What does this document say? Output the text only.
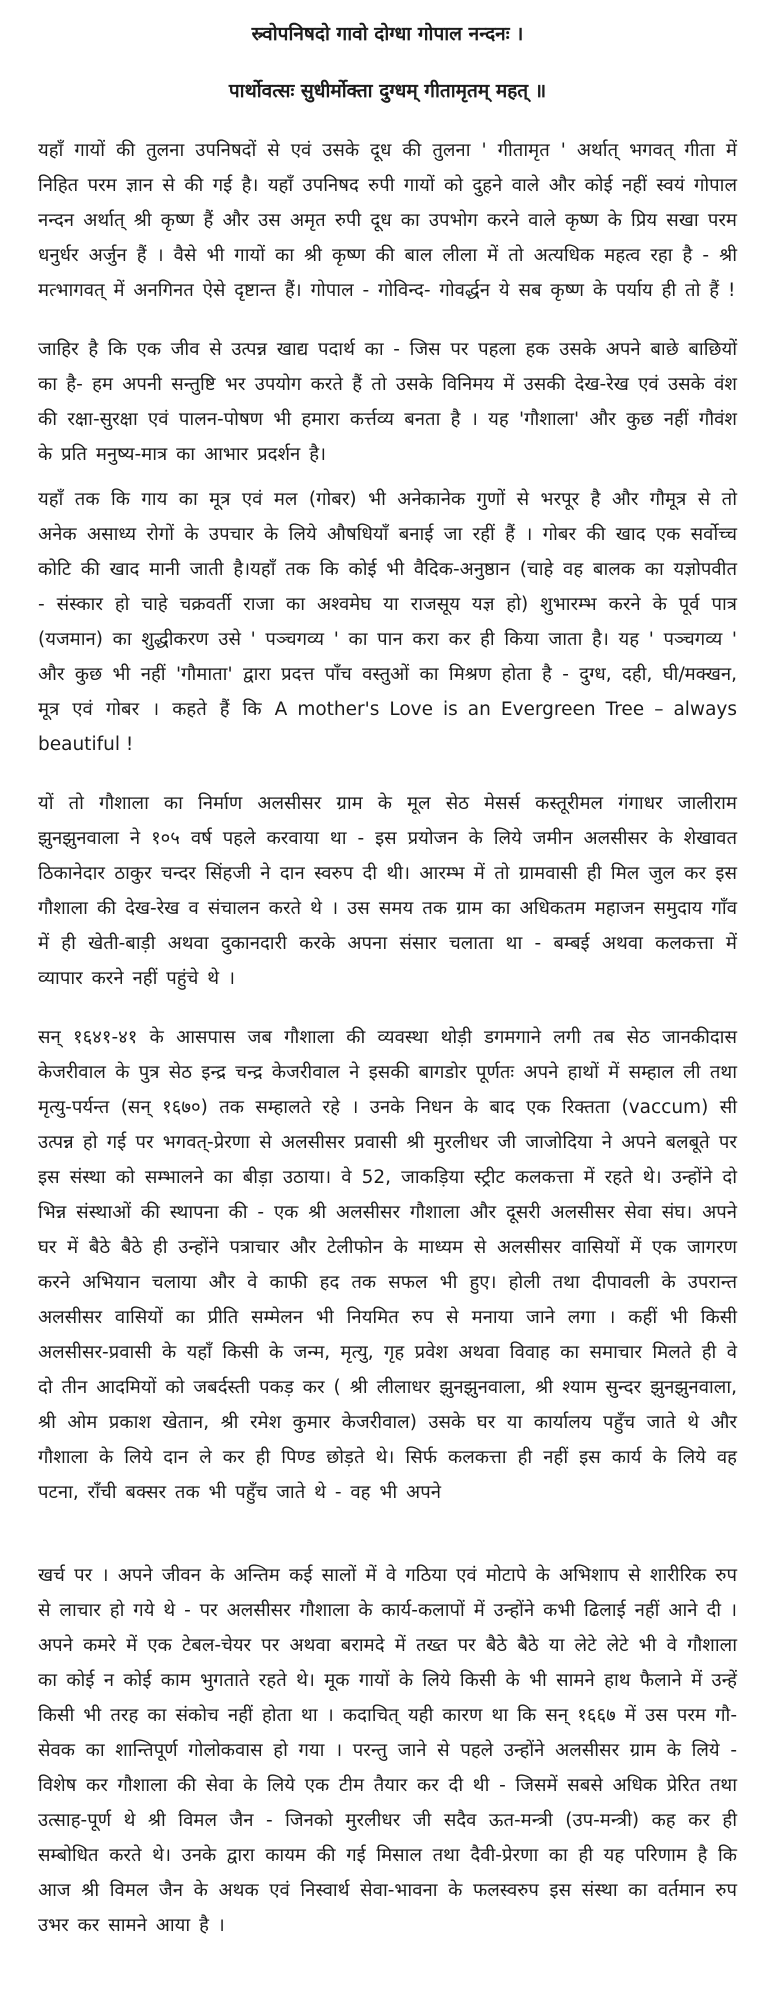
स्र्वोपनिषदो गावो दोग्धा गोपाल नन्दनः ।

पार्थोवत्सः सुधीर्मोक्ता दुग्धम् गीतामृतम् महत् ॥

यहाँ गायों की तुलना उपनिषदों से एवं उसके दूध की तुलना ' गीतामृत ' अर्थात् भगवत् गीता में निहित परम ज्ञान से की गई है। यहाँ उपनिषद रुपी गायों को दुहने वाले और कोई नहीं स्वयं गोपाल नन्दन अर्थात् श्री कृष्ण हैं और उस अमृत रुपी दूध का उपभोग करने वाले कृष्ण के प्रिय सखा परम धनुर्धर अर्जुन हैं । वैसे भी गायों का श्री कृष्ण की बाल लीला में तो अत्यधिक महत्व रहा है - श्री मत्भागवत् में अनगिनत ऐसे दृष्टान्त हैं। गोपाल - गोविन्द- गोवर्द्धन ये सब कृष्ण के पर्याय ही तो हैं !

जाहिर है कि एक जीव से उत्पन्न खाद्य पदार्थ का - जिस पर पहला हक उसके अपने बाछे बाछियों का है- हम अपनी सन्तुष्टि भर उपयोग करते हैं तो उसके विनिमय में उसकी देख-रेख एवं उसके वंश की रक्षा-सुरक्षा एवं पालन-पोषण भी हमारा कर्त्तव्य बनता है । यह 'गौशाला' और कुछ नहीं गौवंश के प्रति मनुष्य-मात्र का आभार प्रदर्शन है।

यहाँ तक कि गाय का मूत्र एवं मल (गोबर) भी अनेकानेक गुणों से भरपूर है और गौमूत्र से तो अनेक असाध्य रोगों के उपचार के लिये औषधियाँ बनाई जा रहीं हैं । गोबर की खाद एक सर्वोच्च कोटि की खाद मानी जाती है।यहाँ तक कि कोई भी वैदिक-अनुष्ठान (चाहे वह बालक का यज्ञोपवीत - संस्कार हो चाहे चक्रवर्ती राजा का अश्वमेघ या राजसूय यज्ञ हो) शुभारम्भ करने के पूर्व पात्र (यजमान) का शुद्धीकरण उसे ' पञ्चगव्य ' का पान करा कर ही किया जाता है। यह ' पञ्चगव्य ' और कुछ भी नहीं 'गौमाता' द्वारा प्रदत्त पाँच वस्तुओं का मिश्रण होता है - दुग्ध, दही, घी/मक्खन, मूत्र एवं गोबर । कहते हैं कि A mother's Love is an Evergreen Tree – always beautiful !

यों तो गौशाला का निर्माण अलसीसर ग्राम के मूल सेठ मेसर्स कस्तूरीमल गंगाधर जालीराम झुनझुनवाला ने १०५ वर्ष पहले करवाया था - इस प्रयोजन के लिये जमीन अलसीसर के शेखावत ठिकानेदार ठाकुर चन्दर सिंहजी ने दान स्वरुप दी थी। आरम्भ में तो ग्रामवासी ही मिल जुल कर इस गौशाला की देख-रेख व संचालन करते थे । उस समय तक ग्राम का अधिकतम महाजन समुदाय गाँव में ही खेती-बाड़ी अथवा दुकानदारी करके अपना संसार चलाता था - बम्बई अथवा कलकत्ता में व्यापार करने नहीं पहुंचे थे ।

सन् १६४१-४१ के आसपास जब गौशाला की व्यवस्था थोड़ी डगमगाने लगी तब सेठ जानकीदास केजरीवाल के पुत्र सेठ इन्द्र चन्द्र केजरीवाल ने इसकी बागडोर पूर्णतः अपने हाथों में सम्हाल ली तथा मृत्यु-पर्यन्त (सन् १६७०) तक सम्हालते रहे । उनके निधन के बाद एक रिक्तता (vaccum) सी उत्पन्न हो गई पर भगवत्-प्रेरणा से अलसीसर प्रवासी श्री मुरलीधर जी जाजोदिया ने अपने बलबूते पर इस संस्था को सम्भालने का बीड़ा उठाया। वे 52, जाकड़िया स्ट्रीट कलकत्ता में रहते थे। उन्होंने दो भिन्न संस्थाओं की स्थापना की - एक श्री अलसीसर गौशाला और दूसरी अलसीसर सेवा संघ। अपने घर में बैठे बैठे ही उन्होंने पत्राचार और टेलीफोन के माध्यम से अलसीसर वासियों में एक जागरण करने अभियान चलाया और वे काफी हद तक सफल भी हुए। होली तथा दीपावली के उपरान्त अलसीसर वासियों का प्रीति सम्मेलन भी नियमित रुप से मनाया जाने लगा । कहीं भी किसी अलसीसर-प्रवासी के यहाँ किसी के जन्म, मृत्यु, गृह प्रवेश अथवा विवाह का समाचार मिलते ही वे दो तीन आदमियों को जबर्दस्ती पकड़ कर ( श्री लीलाधर झुनझुनवाला, श्री श्याम सुन्दर झुनझुनवाला, श्री ओम प्रकाश खेतान, श्री रमेश कुमार केजरीवाल) उसके घर या कार्यालय पहुँच जाते थे और गौशाला के लिये दान ले कर ही पिण्ड छोड़ते थे। सिर्फ कलकत्ता ही नहीं इस कार्य के लिये वह पटना, राँची बक्सर तक भी पहुँच जाते थे - वह भी अपने

खर्च पर । अपने जीवन के अन्तिम कई सालों में वे गठिया एवं मोटापे के अभिशाप से शारीरिक रुप से लाचार हो गये थे - पर अलसीसर गौशाला के कार्य-कलापों में उन्होंने कभी ढिलाई नहीं आने दी । अपने कमरे में एक टेबल-चेयर पर अथवा बरामदे में तख्त पर बैठे बैठे या लेटे लेटे भी वे गौशाला का कोई न कोई काम भुगताते रहते थे। मूक गायों के लिये किसी के भी सामने हाथ फैलाने में उन्हें किसी भी तरह का संकोच नहीं होता था । कदाचित् यही कारण था कि सन् १६६७ में उस परम गौ-सेवक का शान्तिपूर्ण गोलोकवास हो गया । परन्तु जाने से पहले उन्होंने अलसीसर ग्राम के लिये - विशेष कर गौशाला की सेवा के लिये एक टीम तैयार कर दी थी - जिसमें सबसे अधिक प्रेरित तथा उत्साह-पूर्ण थे श्री विमल जैन - जिनको मुरलीधर जी सदैव ऊत-मन्त्री (उप-मन्त्री) कह कर ही सम्बोधित करते थे। उनके द्वारा कायम की गई मिसाल तथा दैवी-प्रेरणा का ही यह परिणाम है कि आज श्री विमल जैन के अथक एवं निस्वार्थ सेवा-भावना के फलस्वरुप इस संस्था का वर्तमान रुप उभर कर सामने आया है ।
